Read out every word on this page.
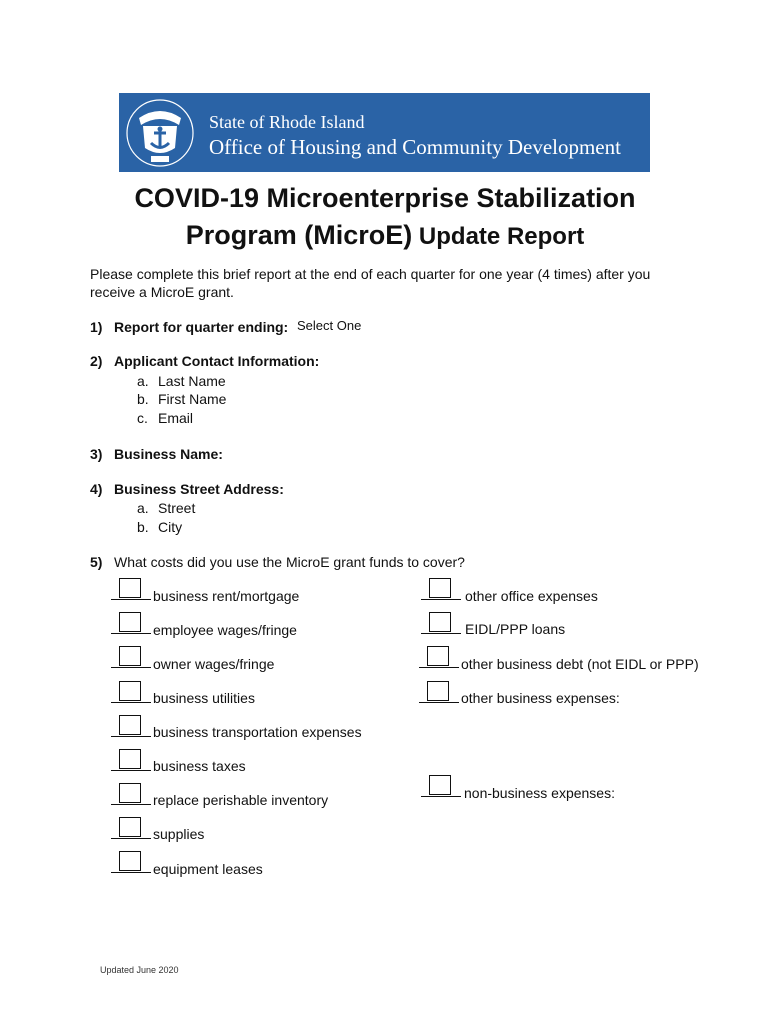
State of Rhode Island
Office of Housing and Community Development
COVID-19 Microenterprise Stabilization
Program (MicroE) Update Report
Please complete this brief report at the end of each quarter for one year (4 times) after you
receive a MicroE grant.
1) Report for quarter ending: Select One
2) Applicant Contact Information:
a. Last Name
b. First Name
c. Email
3) Business Name:
4) Business Street Address:
a. Street
b. City
5) What costs did you use the MicroE grant funds to cover?
business rent/mortgage
employee wages/fringe
owner wages/fringe
business utilities
business transportation expenses
business taxes
replace perishable inventory
supplies
equipment leases
other office expenses
EIDL/PPP loans
other business debt (not EIDL or PPP)
other business expenses:
non-business expenses:
Updated June 2020
